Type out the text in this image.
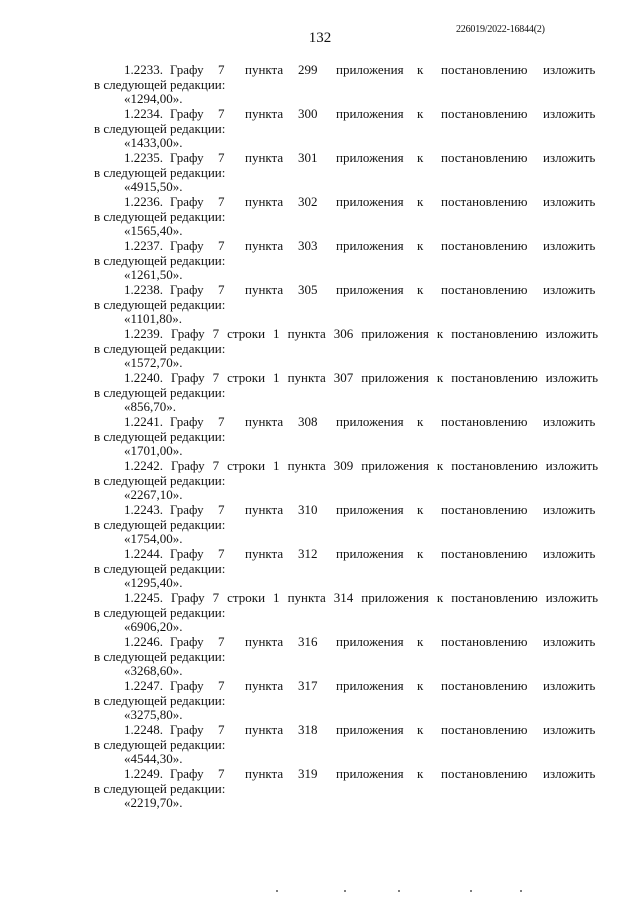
132
226019/2022-16844(2)
1.2233. Графу 7 пункта 299 приложения к постановлению изложить
в следующей редакции:
«1294,00».
1.2234. Графу 7 пункта 300 приложения к постановлению изложить
в следующей редакции:
«1433,00».
1.2235. Графу 7 пункта 301 приложения к постановлению изложить
в следующей редакции:
«4915,50».
1.2236. Графу 7 пункта 302 приложения к постановлению изложить
в следующей редакции:
«1565,40».
1.2237. Графу 7 пункта 303 приложения к постановлению изложить
в следующей редакции:
«1261,50».
1.2238. Графу 7 пункта 305 приложения к постановлению изложить
в следующей редакции:
«1101,80».
1.2239. Графу 7 строки 1 пункта 306 приложения к постановлению изложить
в следующей редакции:
«1572,70».
1.2240. Графу 7 строки 1 пункта 307 приложения к постановлению изложить
в следующей редакции:
«856,70».
1.2241. Графу 7 пункта 308 приложения к постановлению изложить
в следующей редакции:
«1701,00».
1.2242. Графу 7 строки 1 пункта 309 приложения к постановлению изложить
в следующей редакции:
«2267,10».
1.2243. Графу 7 пункта 310 приложения к постановлению изложить
в следующей редакции:
«1754,00».
1.2244. Графу 7 пункта 312 приложения к постановлению изложить
в следующей редакции:
«1295,40».
1.2245. Графу 7 строки 1 пункта 314 приложения к постановлению изложить
в следующей редакции:
«6906,20».
1.2246. Графу 7 пункта 316 приложения к постановлению изложить
в следующей редакции:
«3268,60».
1.2247. Графу 7 пункта 317 приложения к постановлению изложить
в следующей редакции:
«3275,80».
1.2248. Графу 7 пункта 318 приложения к постановлению изложить
в следующей редакции:
«4544,30».
1.2249. Графу 7 пункта 319 приложения к постановлению изложить
в следующей редакции:
«2219,70».
